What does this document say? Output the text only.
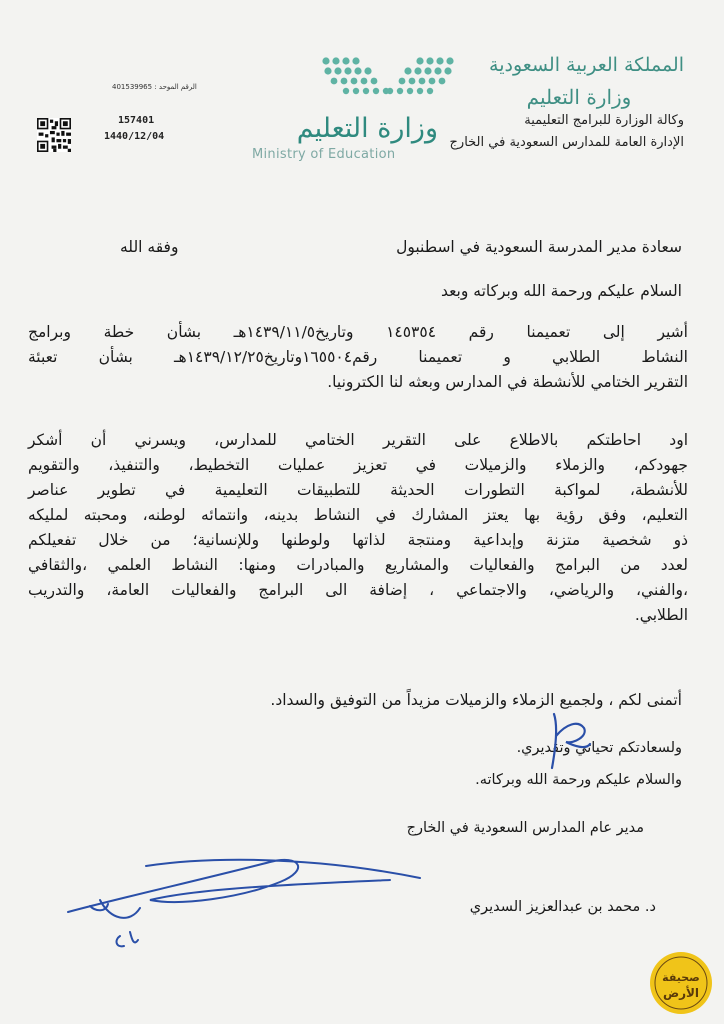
المملكة العربية السعودية
وزارة التعليم
وكالة الوزارة للبرامج التعليمية
الإدارة العامة للمدارس السعودية في الخارج
وزارة التعليم
Ministry of Education
الرقم الموحد : 401539965
157401
1440/12/04
سعادة مدير المدرسة السعودية في اسطنبول
وفقه الله
السلام عليكم ورحمة الله وبركاته وبعد
أشير إلى تعميمنا رقم ١٤٥٣٥٤ وتاريخ١٤٣٩/١١/٥هـ بشأن خطة وبرامج
النشاط الطلابي و تعميمنا رقم١٦٥٥٠٤وتاريخ١٤٣٩/١٢/٢٥هـ بشأن تعبئة
التقرير الختامي للأنشطة في المدارس وبعثه لنا الكترونيا.
اود احاطتكم بالاطلاع على التقرير الختامي للمدارس، ويسرني أن أشكر
جهودكم، والزملاء والزميلات في تعزيز عمليات التخطيط، والتنفيذ، والتقويم
للأنشطة، لمواكبة التطورات الحديثة للتطبيقات التعليمية في تطوير عناصر
التعليم، وفق رؤية بها يعتز المشارك في النشاط بدينه، وانتمائه لوطنه، ومحبته لمليكه
ذو شخصية متزنة وإبداعية ومنتجة لذاتها ولوطنها وللإنسانية؛ من خلال تفعيلكم
لعدد من البرامج والفعاليات والمشاريع والمبادرات ومنها: النشاط العلمي ،والثقافي
،والفني، والرياضي، والاجتماعي ، إضافة الى البرامج والفعاليات العامة، والتدريب
الطلابي.
أتمنى لكم ، ولجميع الزملاء والزميلات مزيداً من التوفيق والسداد.
ولسعادتكم تحياتي وتقديري.
والسلام عليكم ورحمة الله وبركاته.
مدير عام المدارس السعودية في الخارج
د. محمد بن عبدالعزيز السديري
صحيفة
الأرض
